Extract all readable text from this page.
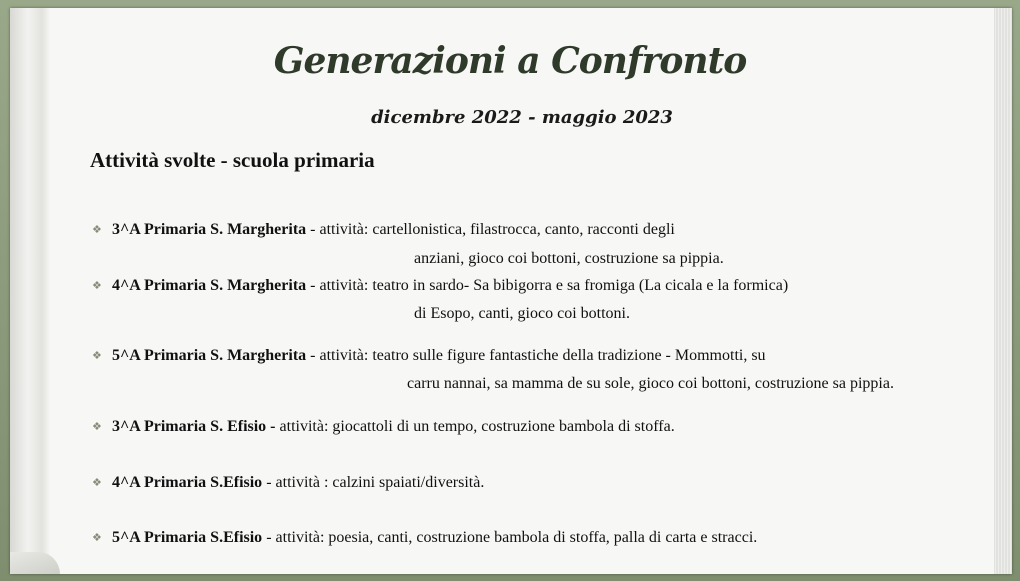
Generazioni a Confronto
dicembre 2022 - maggio 2023
Attività svolte - scuola primaria
❖ 3^A Primaria S. Margherita - attività: cartellonistica, filastrocca, canto, racconti degli
anziani, gioco coi bottoni, costruzione sa pippia.
❖ 4^A Primaria S. Margherita - attività: teatro in sardo- Sa bibigorra e sa fromiga (La cicala e la formica)
di Esopo, canti, gioco coi bottoni.
❖ 5^A Primaria S. Margherita - attività: teatro sulle figure fantastiche della tradizione - Mommotti, su
carru nannai, sa mamma de su sole, gioco coi bottoni, costruzione sa pippia.
❖ 3^A Primaria S. Efisio - attività: giocattoli di un tempo, costruzione bambola di stoffa.
❖ 4^A Primaria S.Efisio - attività : calzini spaiati/diversità.
❖ 5^A Primaria S.Efisio - attività: poesia, canti, costruzione bambola di stoffa, palla di carta e stracci.
